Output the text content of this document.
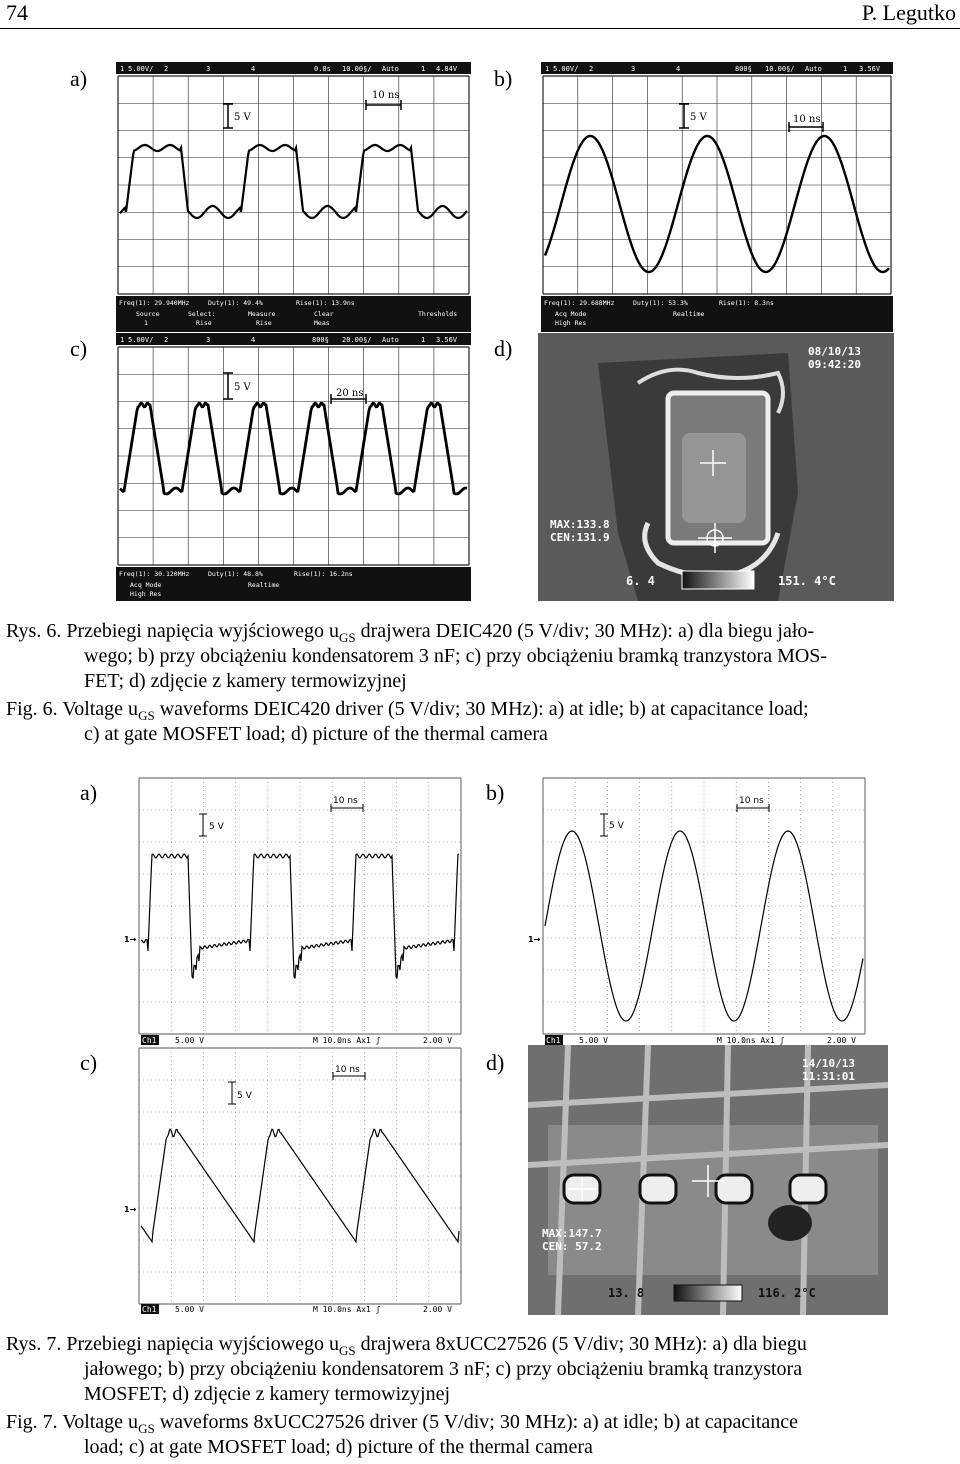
74	P. Legutko
a)	b)
c)	d)
1 5.00V/ 2	3	4	0.0s 10.00§/ Auto	1 4.84V
5 V
10 ns
Freq(1): 29.940MHz	Duty(1): 49.4%	Rise(1): 13.9ns
Source	Select:	Measure	Clear	Thresholds
1	Rise	Rise	Meas
1 5.00V/ 2	3	4	800§ 10.00§/ Auto	1 3.56V
5 V	10 ns
Freq(1): 29.688MHz	Duty(1): 53.3%	Rise(1): 8.3ns
Acq Mode	Realtime
High Res
1 5.00V/ 2	3	4	800§ 20.00§/ Auto	1 3.56V
5 V
20 ns
Freq(1): 30.120MHz	Duty(1): 48.8%	Rise(1): 16.2ns
Acq Mode	Realtime
High Res
08/10/13
09:42:20
MAX:133.8
CEN:131.9
6. 4	151. 4°C
Rys. 6. Przebiegi napięcia wyjściowego $u_{GS}$ drajwera DEIC420 (5 V/div; 30 MHz): a) dla biegu jało-
wego; b) przy obciążeniu kondensatorem 3 nF; c) przy obciążeniu bramką tranzystora MOS-
FET; d) zdjęcie z kamery termowizyjnej
Fig. 6. Voltage $u_{GS}$ waveforms DEIC420 driver (5 V/div; 30 MHz): a) at idle; b) at capacitance load;
c) at gate MOSFET load; d) picture of the thermal camera
a)	b)
c)	d)
5 V
10 ns
1→
Ch1 5.00 V	M 10.0ns Ax1 ʃ	2.00 V
5 V
10 ns
1→
Ch1 5.00 V	M 10.0ns Ax1 ʃ	2.00 V
5 V
10 ns
1→
Ch1 5.00 V	M 10.0ns Ax1 ʃ	2.00 V
14/10/13
11:31:01
MAX:147.7
CEN: 57.2
13. 8	116. 2°C
Rys. 7. Przebiegi napięcia wyjściowego $u_{GS}$ drajwera 8xUCC27526 (5 V/div; 30 MHz): a) dla biegu
jałowego; b) przy obciążeniu kondensatorem 3 nF; c) przy obciążeniu bramką tranzystora
MOSFET; d) zdjęcie z kamery termowizyjnej
Fig. 7. Voltage $u_{GS}$ waveforms 8xUCC27526 driver (5 V/div; 30 MHz): a) at idle; b) at capacitance
load; c) at gate MOSFET load; d) picture of the thermal camera
